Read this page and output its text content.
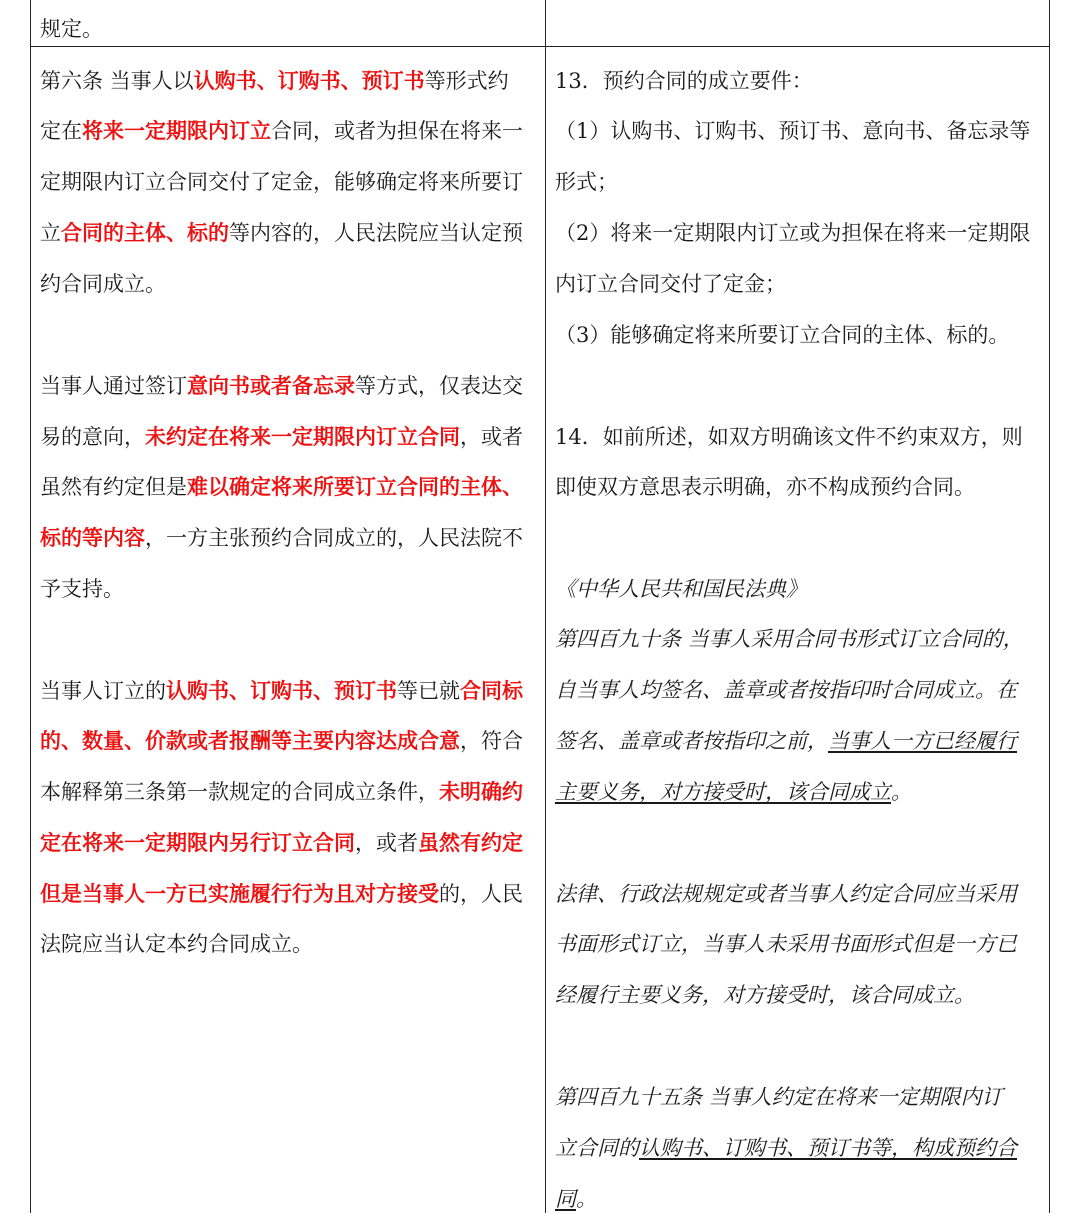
规定。
第六条 当事人以认购书、订购书、预订书等形式约
定在将来一定期限内订立合同，或者为担保在将来一
定期限内订立合同交付了定金，能够确定将来所要订
立合同的主体、标的等内容的，人民法院应当认定预
约合同成立。
当事人通过签订意向书或者备忘录等方式，仅表达交
易的意向，未约定在将来一定期限内订立合同，或者
虽然有约定但是难以确定将来所要订立合同的主体、
标的等内容，一方主张预约合同成立的，人民法院不
予支持。
当事人订立的认购书、订购书、预订书等已就合同标
的、数量、价款或者报酬等主要内容达成合意，符合
本解释第三条第一款规定的合同成立条件，未明确约
定在将来一定期限内另行订立合同，或者虽然有约定
但是当事人一方已实施履行行为且对方接受的，人民
法院应当认定本约合同成立。
13．预约合同的成立要件：
（1）认购书、订购书、预订书、意向书、备忘录等
形式；
（2）将来一定期限内订立或为担保在将来一定期限
内订立合同交付了定金；
（3）能够确定将来所要订立合同的主体、标的。
14．如前所述，如双方明确该文件不约束双方，则
即使双方意思表示明确，亦不构成预约合同。
《中华人民共和国民法典》
第四百九十条 当事人采用合同书形式订立合同的，
自当事人均签名、盖章或者按指印时合同成立。在
签名、盖章或者按指印之前，当事人一方已经履行
主要义务，对方接受时，该合同成立。
法律、行政法规规定或者当事人约定合同应当采用
书面形式订立，当事人未采用书面形式但是一方已
经履行主要义务，对方接受时，该合同成立。
第四百九十五条 当事人约定在将来一定期限内订
立合同的认购书、订购书、预订书等，构成预约合
同。
